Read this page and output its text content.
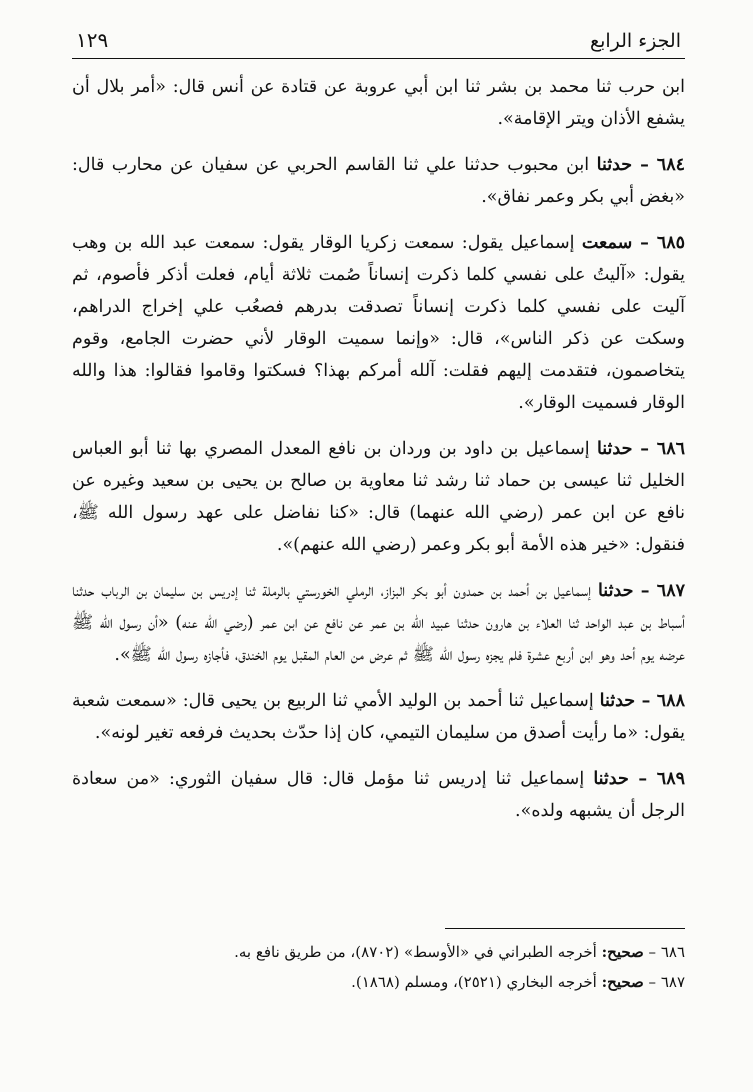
الجزء الرابع
١٢٩

ابن حرب ثنا محمد بن بشر ثنا ابن أبي عروبة عن قتادة عن أنس قال: «أمر بلال أن يشفع الأذان ويتر الإقامة».

٦٨٤ – حدثنا ابن محبوب حدثنا علي ثنا القاسم الحربي عن سفيان عن محارب قال: «بغض أبي بكر وعمر نفاق».

٦٨٥ – سمعت إسماعيل يقول: سمعت زكريا الوقار يقول: سمعت عبد الله بن وهب يقول: «آليتُ على نفسي كلما ذكرت إنساناً صُمت ثلاثة أيام، فعلت أذكر فأصوم، ثم آليت على نفسي كلما ذكرت إنساناً تصدقت بدرهم فصعُب علي إخراج الدراهم، وسكت عن ذكر الناس»، قال: «وإنما سميت الوقار لأني حضرت الجامع، وقوم يتخاصمون، فتقدمت إليهم فقلت: آلله أمركم بهذا؟ فسكتوا وقاموا فقالوا: هذا والله الوقار فسميت الوقار».

٦٨٦ – حدثنا إسماعيل بن داود بن وردان بن نافع المعدل المصري بها ثنا أبو العباس الخليل ثنا عيسى بن حماد ثنا رشد ثنا معاوية بن صالح بن يحيى بن سعيد وغيره عن نافع عن ابن عمر (رضي الله عنهما) قال: «كنا نفاضل على عهد رسول الله ﷺ، فنقول: «خير هذه الأمة أبو بكر وعمر (رضي الله عنهم)».

٦٨٧ – حدثنا إسماعيل بن أحمد بن حمدون أبو بكر البزاز، الرملي الخورستي بالرملة ثنا إدريس بن سليمان بن الرباب حدثنا أسباط بن عبد الواحد ثنا العلاء بن هارون حدثنا عبيد الله بن عمر عن نافع عن ابن عمر (رضي الله عنه) «أن رسول الله ﷺ عرضه يوم أحد وهو ابن أربع عشرة فلم يجزه رسول الله ﷺ ثم عرض من العام المقبل يوم الخندق، فأجازه رسول الله ﷺ».

٦٨٨ – حدثنا إسماعيل ثنا أحمد بن الوليد الأمي ثنا الربيع بن يحيى قال: «سمعت شعبة يقول: «ما رأيت أصدق من سليمان التيمي، كان إذا حدّث بحديث فرفعه تغير لونه».

٦٨٩ – حدثنا إسماعيل ثنا إدريس ثنا مؤمل قال: قال سفيان الثوري: «من سعادة الرجل أن يشبهه ولده».

٦٨٦ – صحيح: أخرجه الطبراني في «الأوسط» (٨٧٠٢)، من طريق نافع به.

٦٨٧ – صحيح: أخرجه البخاري (٢٥٢١)، ومسلم (١٨٦٨).
